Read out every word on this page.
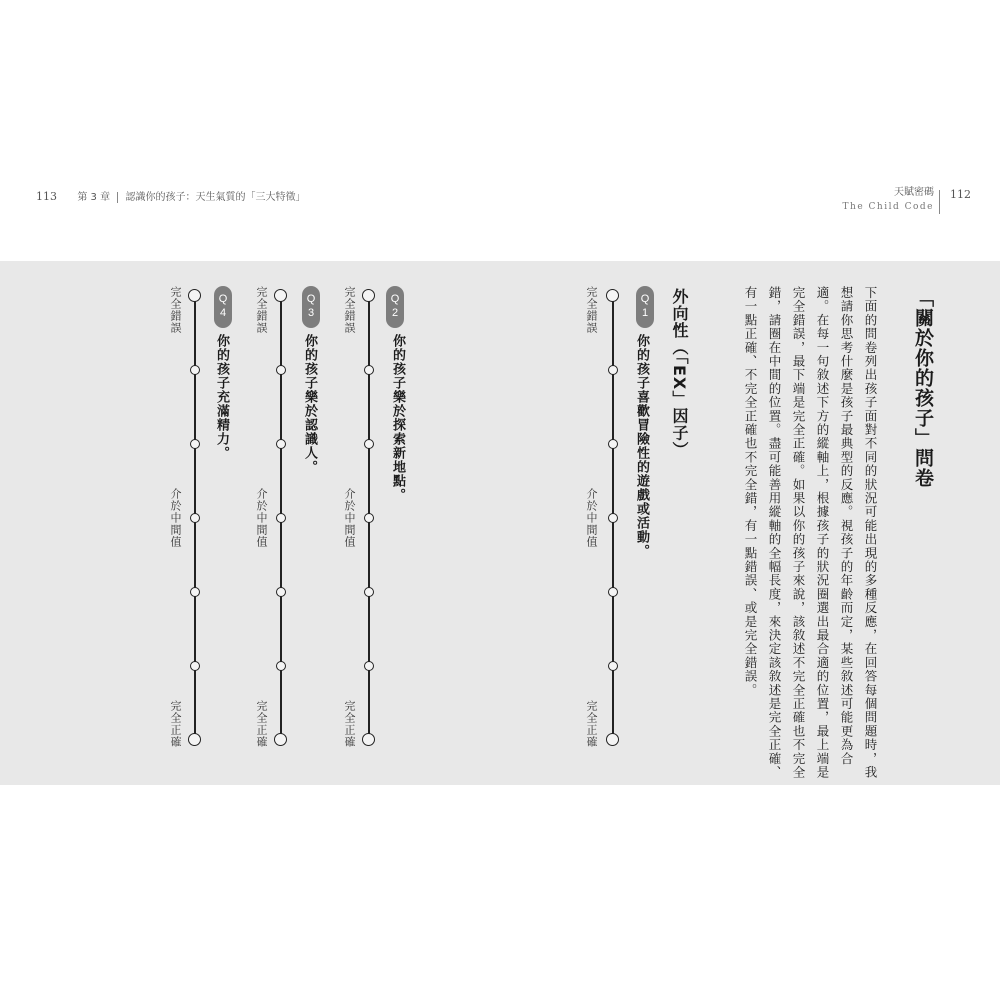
113 第 3 章 認識你的孩子：天生氣質的「三大特徵」	天賦密碼
The Child Code
112
「關於你的孩子」問卷
下面的問卷列出孩子面對不同的狀況可能出現的多種反應，在回答每個問題時，我
想請你思考什麼是孩子最典型的反應。視孩子的年齡而定，某些敘述可能更為合
適。在每一句敘述下方的縱軸上，根據孩子的狀況圈選出最合適的位置，最上端是
完全錯誤，最下端是完全正確。如果以你的孩子來說，該敘述不完全正確也不完全
錯，請圈在中間的位置。盡可能善用縱軸的全幅長度，來決定該敘述是完全正確、
有一點正確、不完全正確也不完全錯，有一點錯誤、或是完全錯誤。
外向性（「EX」因子）
Q
1
你的孩子喜歡冒險性的遊戲或活動。
完全錯誤
介於中間值
完全正確
Q
2
你的孩子樂於探索新地點。
完全錯誤
介於中間值
完全正確
Q
3
你的孩子樂於認識人。
完全錯誤
介於中間值
完全正確
Q
4
你的孩子充滿精力。
完全錯誤
介於中間值
完全正確
